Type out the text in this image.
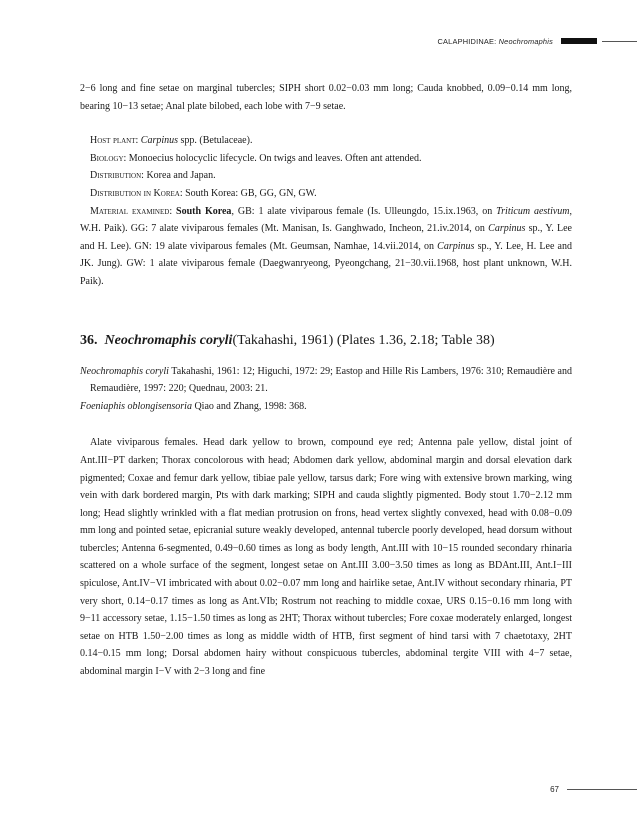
CALAPHIDINAE: Neochromaphis

2−6 long and fine setae on marginal tubercles; SIPH short 0.02−0.03 mm long; Cauda knobbed, 0.09−0.14 mm long, bearing 10−13 setae; Anal plate bilobed, each lobe with 7−9 setae.

Host plant: Carpinus spp. (Betulaceae).

Biology: Monoecius holocyclic lifecycle. On twigs and leaves. Often ant attended.

Distribution: Korea and Japan.

Distribution in Korea: South Korea: GB, GG, GN, GW.

Material examined: South Korea, GB: 1 alate viviparous female (Is. Ulleungdo, 15.ix.1963, on Triticum aestivum, W.H. Paik). GG: 7 alate viviparous females (Mt. Manisan, Is. Ganghwado, Incheon, 21.iv.2014, on Carpinus sp., Y. Lee and H. Lee). GN: 19 alate viviparous females (Mt. Geumsan, Namhae, 14.vii.2014, on Carpinus sp., Y. Lee, H. Lee and JK. Jung). GW: 1 alate viviparous female (Daegwanryeong, Pyeongchang, 21−30.vii.1968, host plant unknown, W.H. Paik).

36. Neochromaphis coryli(Takahashi, 1961) (Plates 1.36, 2.18; Table 38)

Neochromaphis coryli Takahashi, 1961: 12; Higuchi, 1972: 29; Eastop and Hille Ris Lambers, 1976: 310; Remaudière and Remaudière, 1997: 220; Quednau, 2003: 21.

Foeniaphis oblongisensoria Qiao and Zhang, 1998: 368.

Alate viviparous females. Head dark yellow to brown, compound eye red; Antenna pale yellow, distal joint of Ant.III−PT darken; Thorax concolorous with head; Abdomen dark yellow, abdominal margin and dorsal elevation dark pigmented; Coxae and femur dark yellow, tibiae pale yellow, tarsus dark; Fore wing with extensive brown marking, wing vein with dark bordered margin, Pts with dark marking; SIPH and cauda slightly pigmented. Body stout 1.70−2.12 mm long; Head slightly wrinkled with a flat median protrusion on frons, head vertex slightly convexed, head with 0.08−0.09 mm long and pointed setae, epicranial suture weakly developed, antennal tubercle poorly developed, head dorsum without tubercles; Antenna 6-segmented, 0.49−0.60 times as long as body length, Ant.III with 10−15 rounded secondary rhinaria scattered on a whole surface of the segment, longest setae on Ant.III 3.00−3.50 times as long as BDAnt.III, Ant.I−III spiculose, Ant.IV−VI imbricated with about 0.02−0.07 mm long and hairlike setae, Ant.IV without secondary rhinaria, PT very short, 0.14−0.17 times as long as Ant.VIb; Rostrum not reaching to middle coxae, URS 0.15−0.16 mm long with 9−11 accessory setae, 1.15−1.50 times as long as 2HT; Thorax without tubercles; Fore coxae moderately enlarged, longest setae on HTB 1.50−2.00 times as long as middle width of HTB, first segment of hind tarsi with 7 chaetotaxy, 2HT 0.14−0.15 mm long; Dorsal abdomen hairy without conspicuous tubercles, abdominal tergite VIII with 4−7 setae, abdominal margin I−V with 2−3 long and fine

67
